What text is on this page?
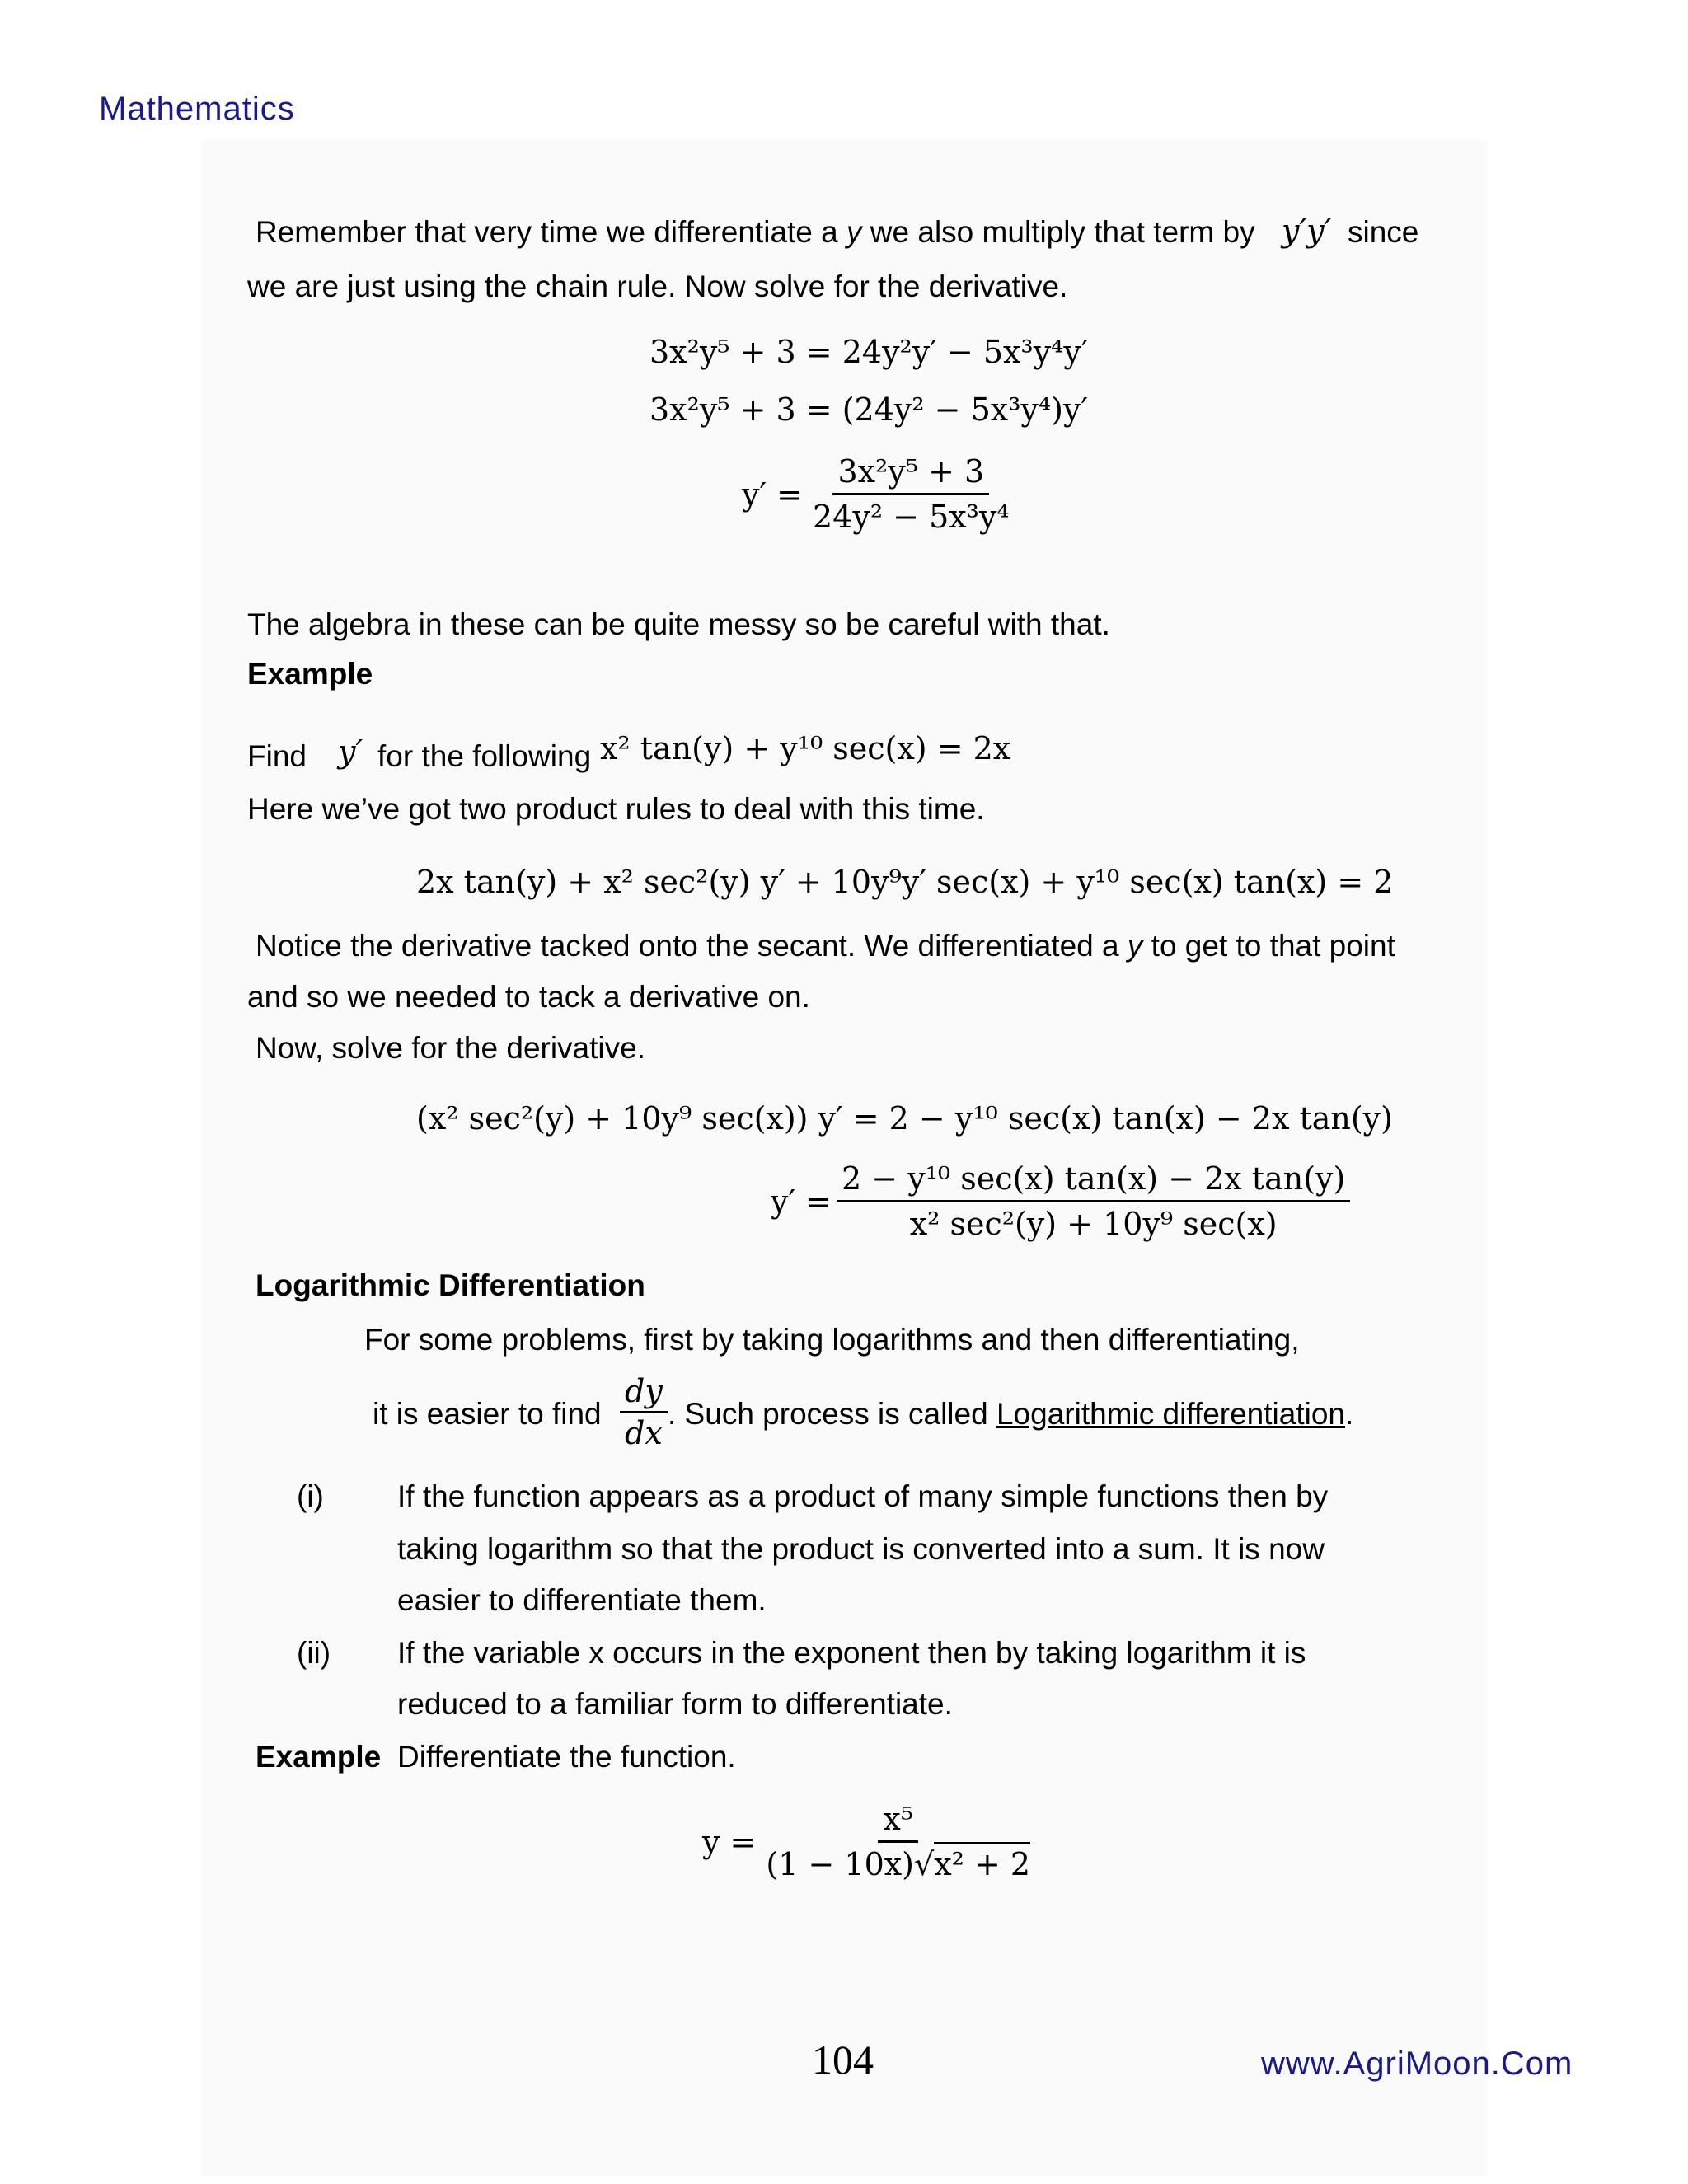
Mathematics
Remember that very time we differentiate a y we also multiply that term by y′y′ since
we are just using the chain rule. Now solve for the derivative.
3x²y⁵ + 3 = 24y²y′ − 5x³y⁴y′
3x²y⁵ + 3 = (24y² − 5x³y⁴)y′
$y' = \frac{\text{3x²y⁵ + 3}}{\text{24y² − 5x³y⁴}}$
The algebra in these can be quite messy so be careful with that.
Example
Find y′ for the following x² tan(y) + y¹⁰ sec(x) = 2x
Here we’ve got two product rules to deal with this time.
2x tan(y) + x² sec²(y) y′ + 10y⁹y′ sec(x) + y¹⁰ sec(x) tan(x) = 2
Notice the derivative tacked onto the secant. We differentiated a y to get to that point
and so we needed to tack a derivative on.
Now, solve for the derivative.
(x² sec²(y) + 10y⁹ sec(x)) y′ = 2 − y¹⁰ sec(x) tan(x) − 2x tan(y)
$y' = \frac{\text{2 − y¹⁰ sec(x) tan(x) − 2x tan(y)}}{\text{x² sec²(y) + 10y⁹ sec(x)}}$
Logarithmic Differentiation
For some problems, first by taking logarithms and then differentiating,
it is easier to find $\frac{dy}{dx}$ . Such process is called Logarithmic differentiation.
(i) If the function appears as a product of many simple functions then by
taking logarithm so that the product is converted into a sum. It is now
easier to differentiate them.
(ii) If the variable x occurs in the exponent then by taking logarithm it is
reduced to a familiar form to differentiate.
Example Differentiate the function.
$y = \frac{\text{x⁵}}{\text{(1 − 10x)√x² + 2}}$
104	www.AgriMoon.Com
